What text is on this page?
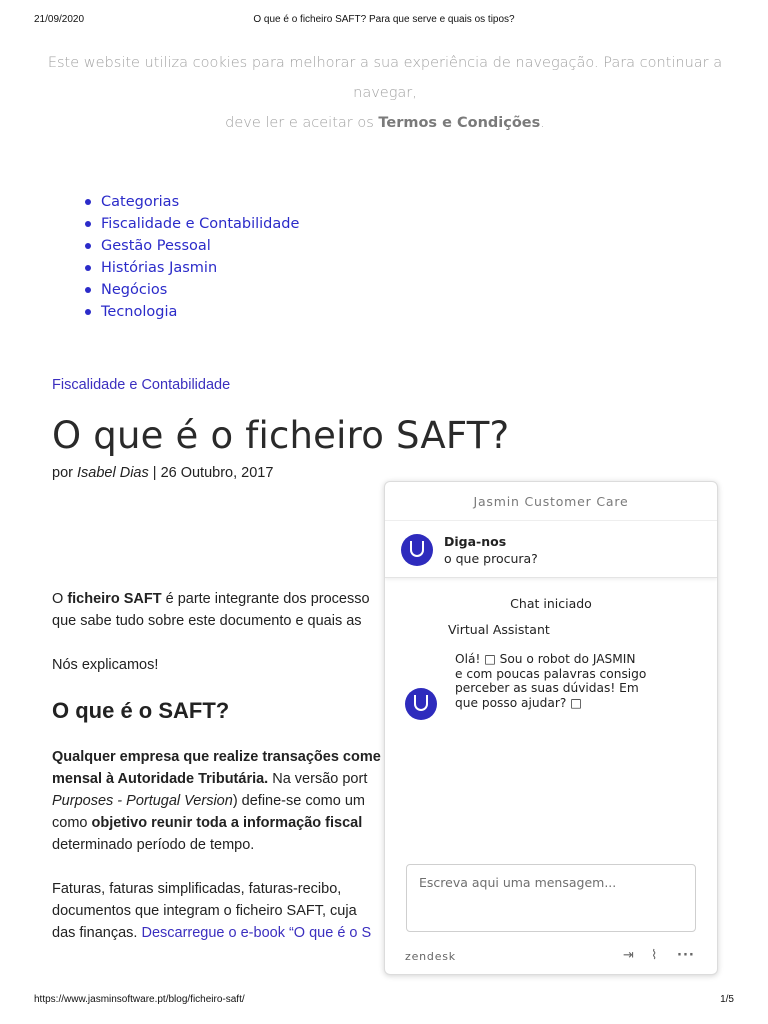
21/09/2020	O que é o ficheiro SAFT? Para que serve e quais os tipos?
Este website utiliza cookies para melhorar a sua experiência de navegação. Para continuar a navegar,
deve ler e aceitar os Termos e Condições.
Categorias
Fiscalidade e Contabilidade
Gestão Pessoal
Histórias Jasmin
Negócios
Tecnologia
Fiscalidade e Contabilidade
O que é o ficheiro SAFT?
por Isabel Dias | 26 Outubro, 2017
O ficheiro SAFT é parte integrante dos processo
que sabe tudo sobre este documento e quais as
Nós explicamos!
O que é o SAFT?
Qualquer empresa que realize transações come
mensal à Autoridade Tributária. Na versão port
Purposes - Portugal Version) define-se como um
como objetivo reunir toda a informação fiscal
determinado período de tempo.
Faturas, faturas simplificadas, faturas-recibo,
documentos que integram o ficheiro SAFT, cuja
das finanças. Descarregue o e-book “O que é o S
Jasmin Customer Care
Diga-nos
o que procura?
Chat iniciado
Virtual Assistant
Olá! □ Sou o robot do JASMIN
e com poucas palavras consigo
perceber as suas dúvidas! Em
que posso ajudar? □
Escreva aqui uma mensagem...
zendesk	⇥ ⌇ ···
https://www.jasminsoftware.pt/blog/ficheiro-saft/	1/5
